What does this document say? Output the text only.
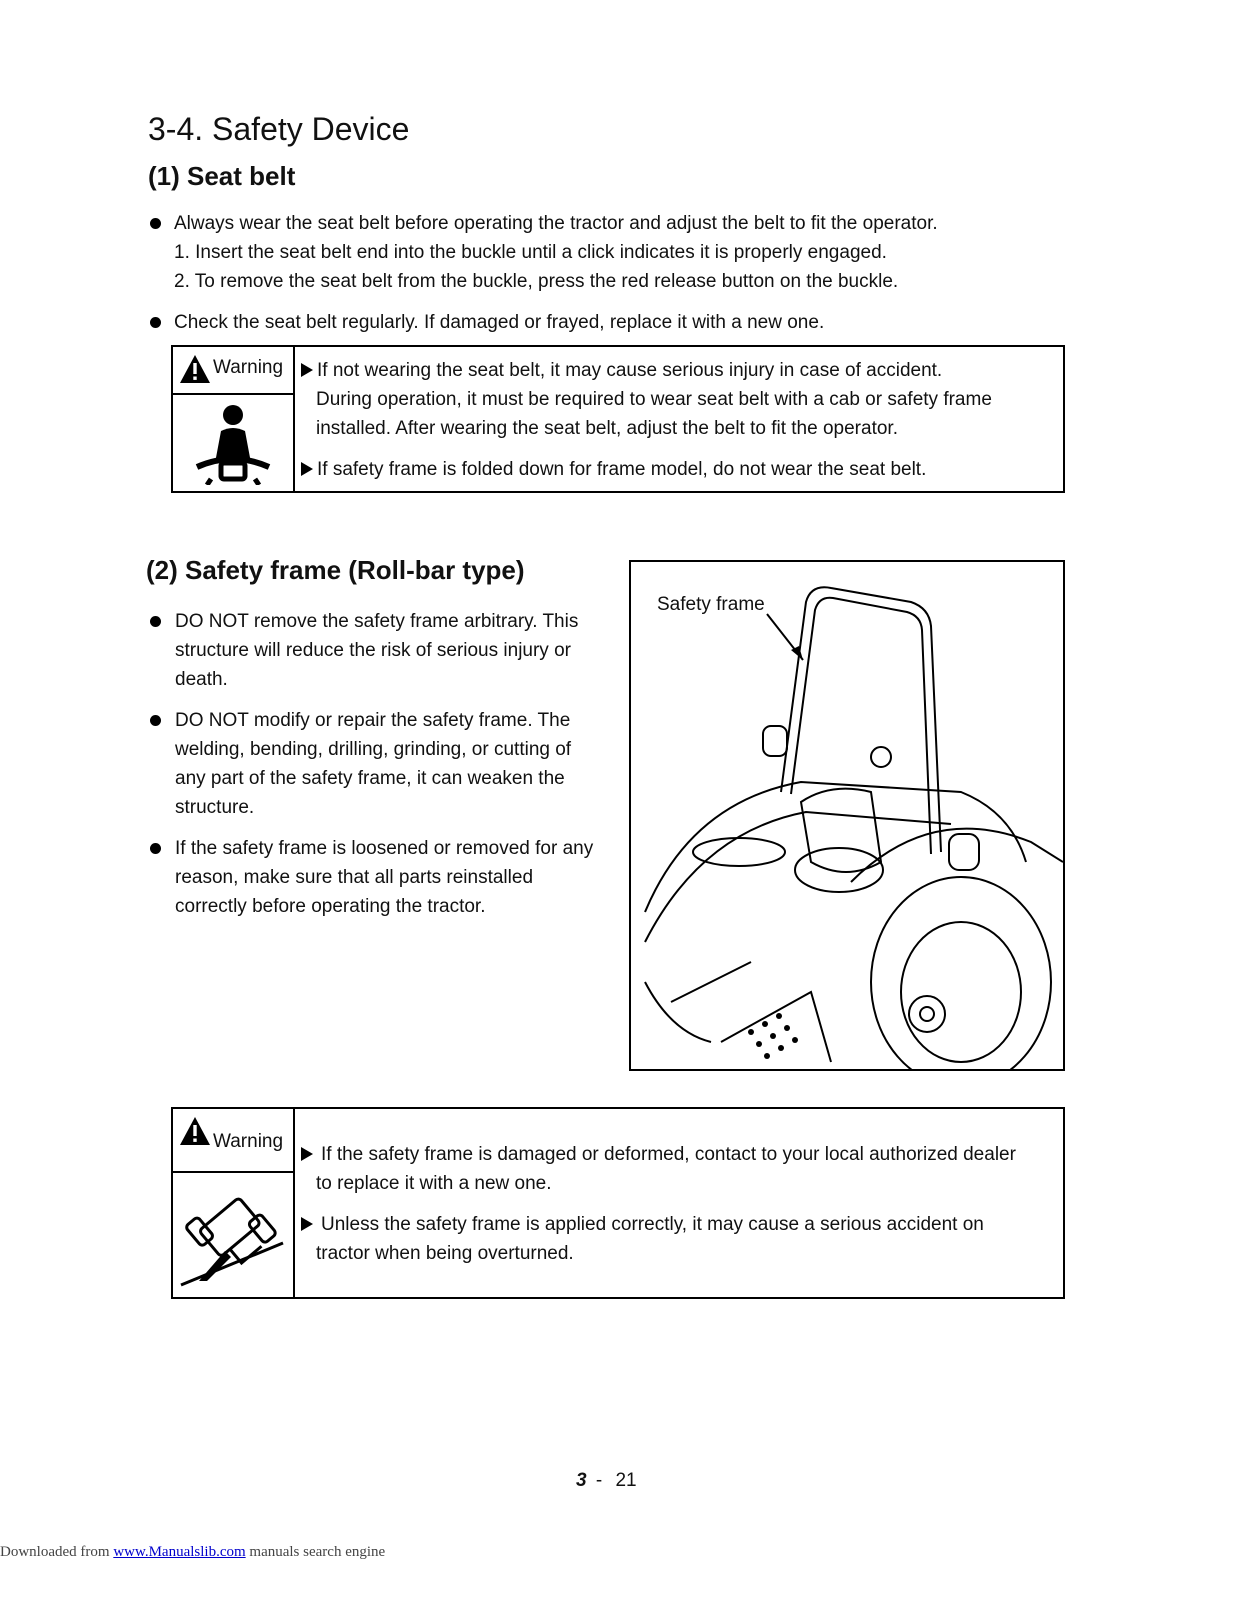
3-4. Safety Device
(1) Seat belt

Always wear the seat belt before operating the tractor and adjust the belt to fit the operator.

1. Insert the seat belt end into the buckle until a click indicates it is properly engaged.

2. To remove the seat belt from the buckle, press the red release button on the buckle.

Check the seat belt regularly. If damaged or frayed, replace it with a new one.

Warning	If not wearing the seat belt, it may cause serious injury in case of accident.
During operation, it must be required to wear seat belt with a cab or safety frame
installed. After wearing the seat belt, adjust the belt to fit the operator.
If safety frame is folded down for frame model, do not wear the seat belt.
(2) Safety frame (Roll-bar type)

DO NOT remove the safety frame arbitrary. This

structure will reduce the risk of serious injury or

death.

DO NOT modify or repair the safety frame. The

welding, bending, drilling, grinding, or cutting of

any part of the safety frame, it can weaken the

structure.

If the safety frame is loosened or removed for any

reason, make sure that all parts reinstalled

correctly before operating the tractor.

Safety frame
Warning
If the safety frame is damaged or deformed, contact to your local authorized dealer
to replace it with a new one.
Unless the safety frame is applied correctly, it may cause a serious accident on
tractor when being overturned.
3 - 21
Downloaded from www.Manualslib.com manuals search engine
